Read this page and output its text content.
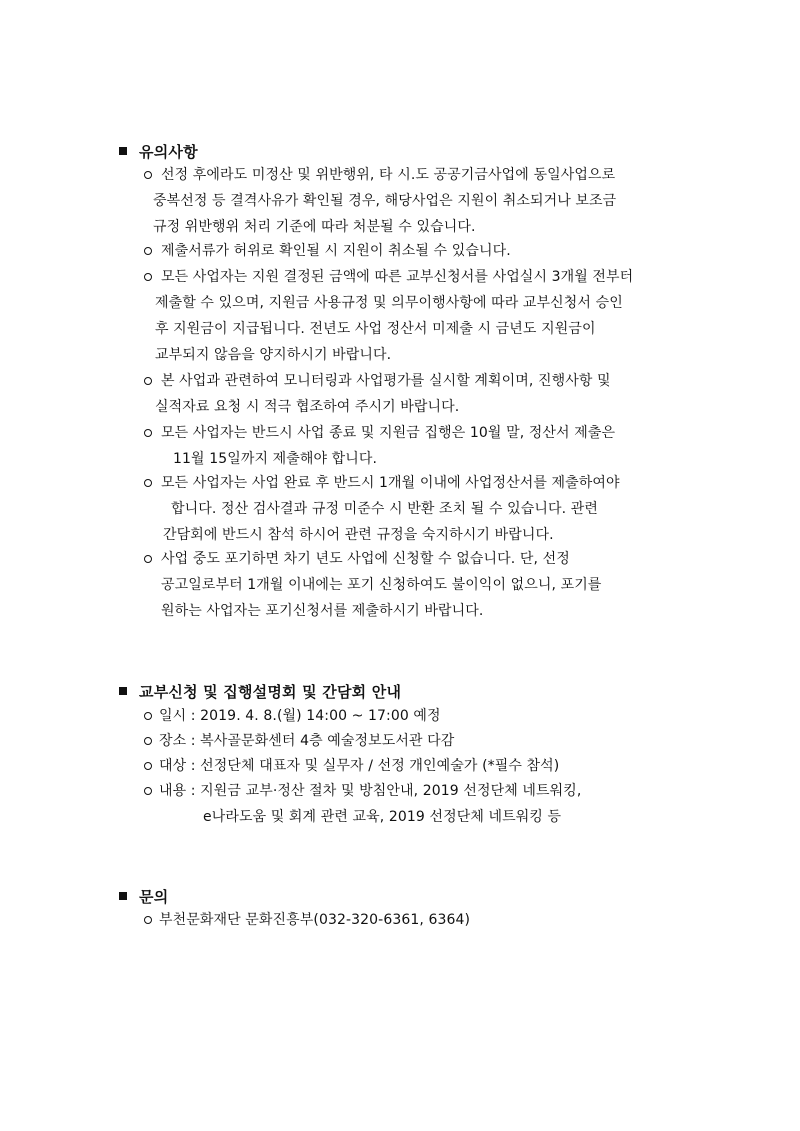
유의사항
선정 후에라도 미정산 및 위반행위, 타 시.도 공공기금사업에 동일사업으로
중복선정 등 결격사유가 확인될 경우, 해당사업은 지원이 취소되거나 보조금
규정 위반행위 처리 기준에 따라 처분될 수 있습니다.
제출서류가 허위로 확인될 시 지원이 취소될 수 있습니다.
모든 사업자는 지원 결정된 금액에 따른 교부신청서를 사업실시 3개월 전부터
제출할 수 있으며, 지원금 사용규정 및 의무이행사항에 따라 교부신청서 승인
후 지원금이 지급됩니다. 전년도 사업 정산서 미제출 시 금년도 지원금이
교부되지 않음을 양지하시기 바랍니다.
본 사업과 관련하여 모니터링과 사업평가를 실시할 계획이며, 진행사항 및
실적자료 요청 시 적극 협조하여 주시기 바랍니다.
모든 사업자는 반드시 사업 종료 및 지원금 집행은 10월 말, 정산서 제출은
11월 15일까지 제출해야 합니다.
모든 사업자는 사업 완료 후 반드시 1개월 이내에 사업정산서를 제출하여야
합니다. 정산 검사결과 규정 미준수 시 반환 조치 될 수 있습니다. 관련
간담회에 반드시 참석 하시어 관련 규정을 숙지하시기 바랍니다.
사업 중도 포기하면 차기 년도 사업에 신청할 수 없습니다. 단, 선정
공고일로부터 1개월 이내에는 포기 신청하여도 불이익이 없으니, 포기를
원하는 사업자는 포기신청서를 제출하시기 바랍니다.
교부신청 및 집행설명회 및 간담회 안내
일시 : 2019. 4. 8.(월) 14:00 ~ 17:00 예정
장소 : 복사골문화센터 4층 예술정보도서관 다감
대상 : 선정단체 대표자 및 실무자 / 선정 개인예술가 (*필수 참석)
내용 : 지원금 교부·정산 절차 및 방침안내, 2019 선정단체 네트워킹,
e나라도움 및 회계 관련 교육, 2019 선정단체 네트워킹 등
문의
부천문화재단 문화진흥부(032-320-6361, 6364)
